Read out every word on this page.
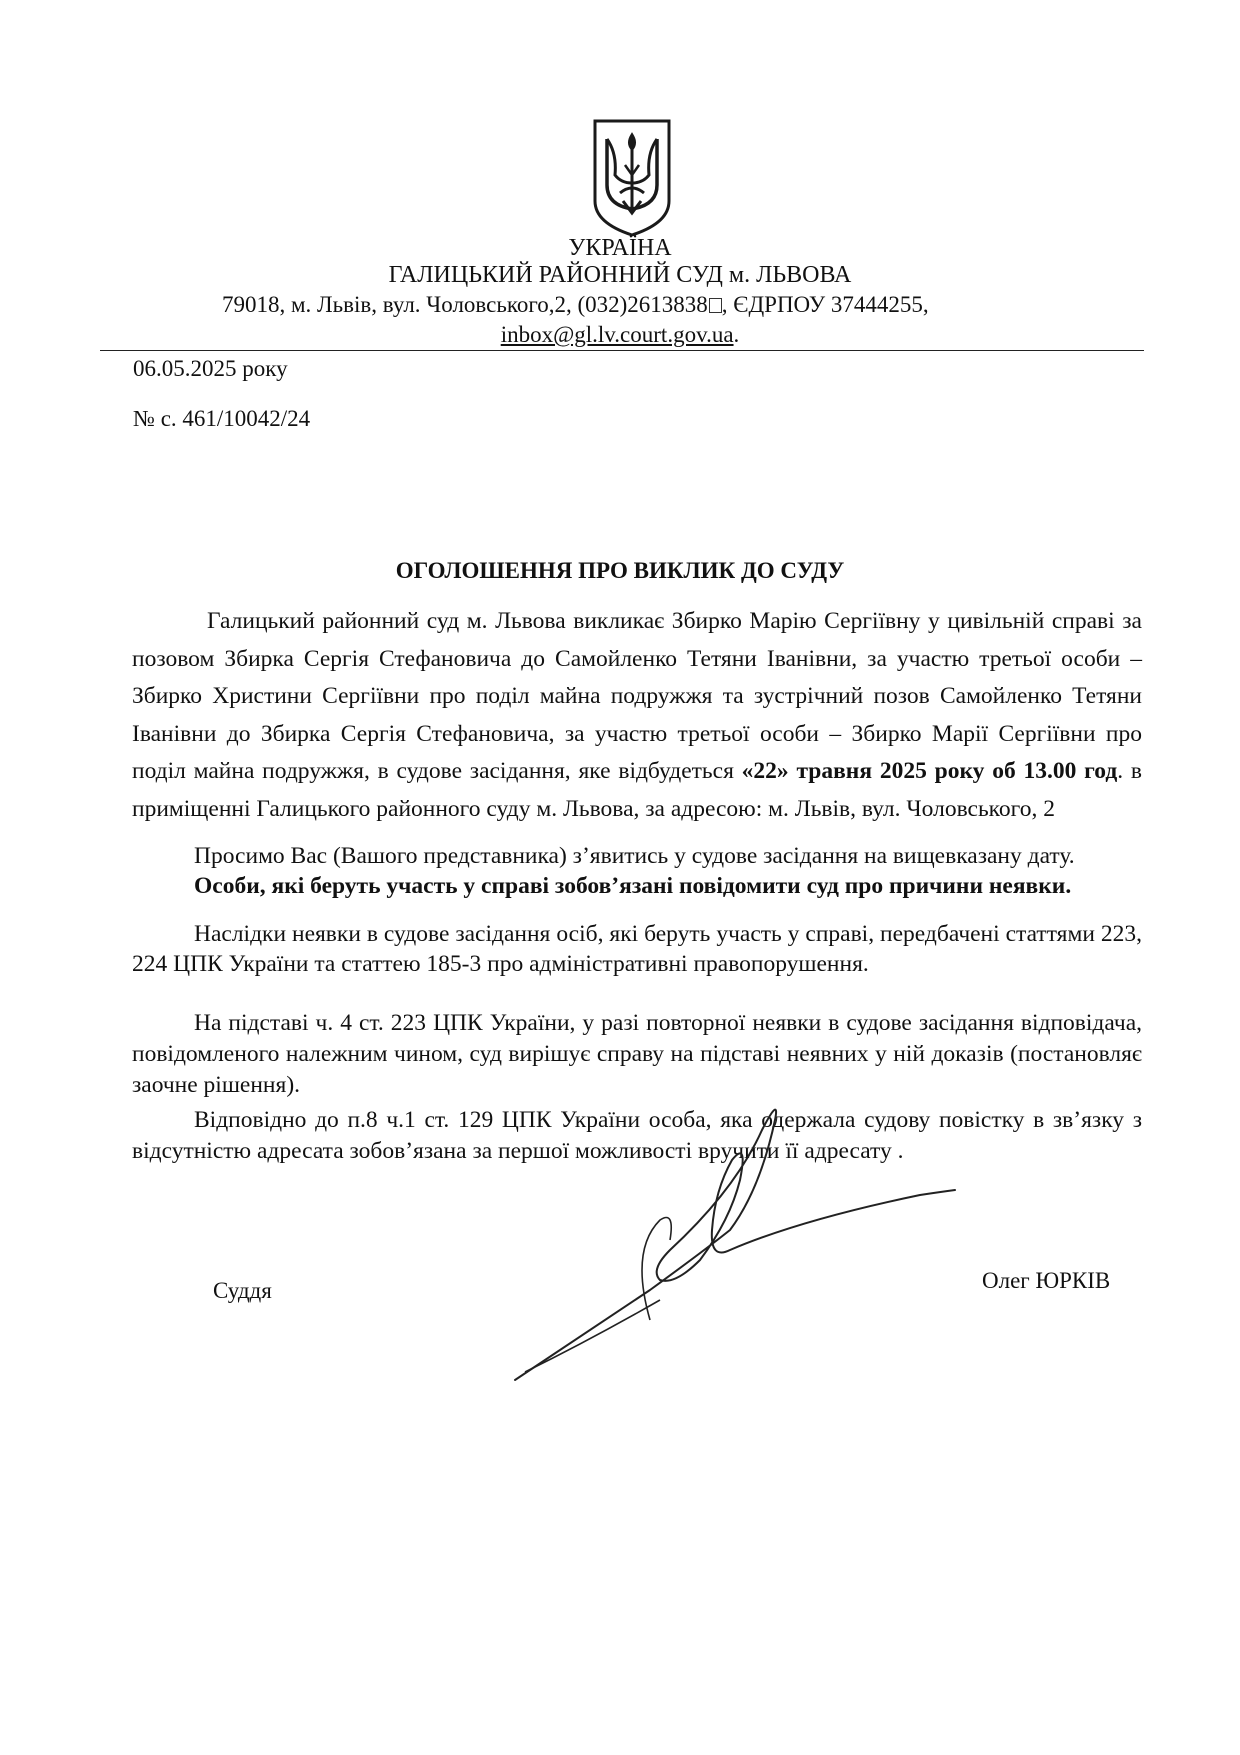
УКРАЇНА
ГАЛИЦЬКИЙ РАЙОННИЙ СУД м. ЛЬВОВА
79018, м. Львів, вул. Чоловського,2, (032)2613838 , ЄДРПОУ 37444255,
inbox@gl.lv.court.gov.ua.
06.05.2025 року
№ с. 461/10042/24
ОГОЛОШЕННЯ ПРО ВИКЛИК ДО СУДУ
Галицький районний суд м. Львова викликає Збирко Марію Сергіївну у цивільній справі за позовом Збирка Сергія Стефановича до Самойленко Тетяни Іванівни, за участю третьої особи – Збирко Христини Сергіївни про поділ майна подружжя та зустрічний позов Самойленко Тетяни Іванівни до Збирка Сергія Стефановича, за участю третьої особи – Збирко Марії Сергіївни про поділ майна подружжя, в судове засідання, яке відбудеться «22» травня 2025 року об 13.00 год. в приміщенні Галицького районного суду м. Львова, за адресою: м. Львів, вул. Чоловського, 2
Просимо Вас (Вашого представника) з’явитись у судове засідання на вищевказану дату.
Особи, які беруть участь у справі зобов’язані повідомити суд про причини неявки.
Наслідки неявки в судове засідання осіб, які беруть участь у справі, передбачені статтями 223, 224 ЦПК України та статтею 185-3 про адміністративні правопорушення.
На підставі ч. 4 ст. 223 ЦПК України, у разі повторної неявки в судове засідання відповідача, повідомленого належним чином, суд вирішує справу на підставі неявних у ній доказів (постановляє заочне рішення).
Відповідно до п.8 ч.1 ст. 129 ЦПК України особа, яка одержала судову повістку в зв’язку з відсутністю адресата зобов’язана за першої можливості вручити її адресату .
Суддя	Олег ЮРКІВ
